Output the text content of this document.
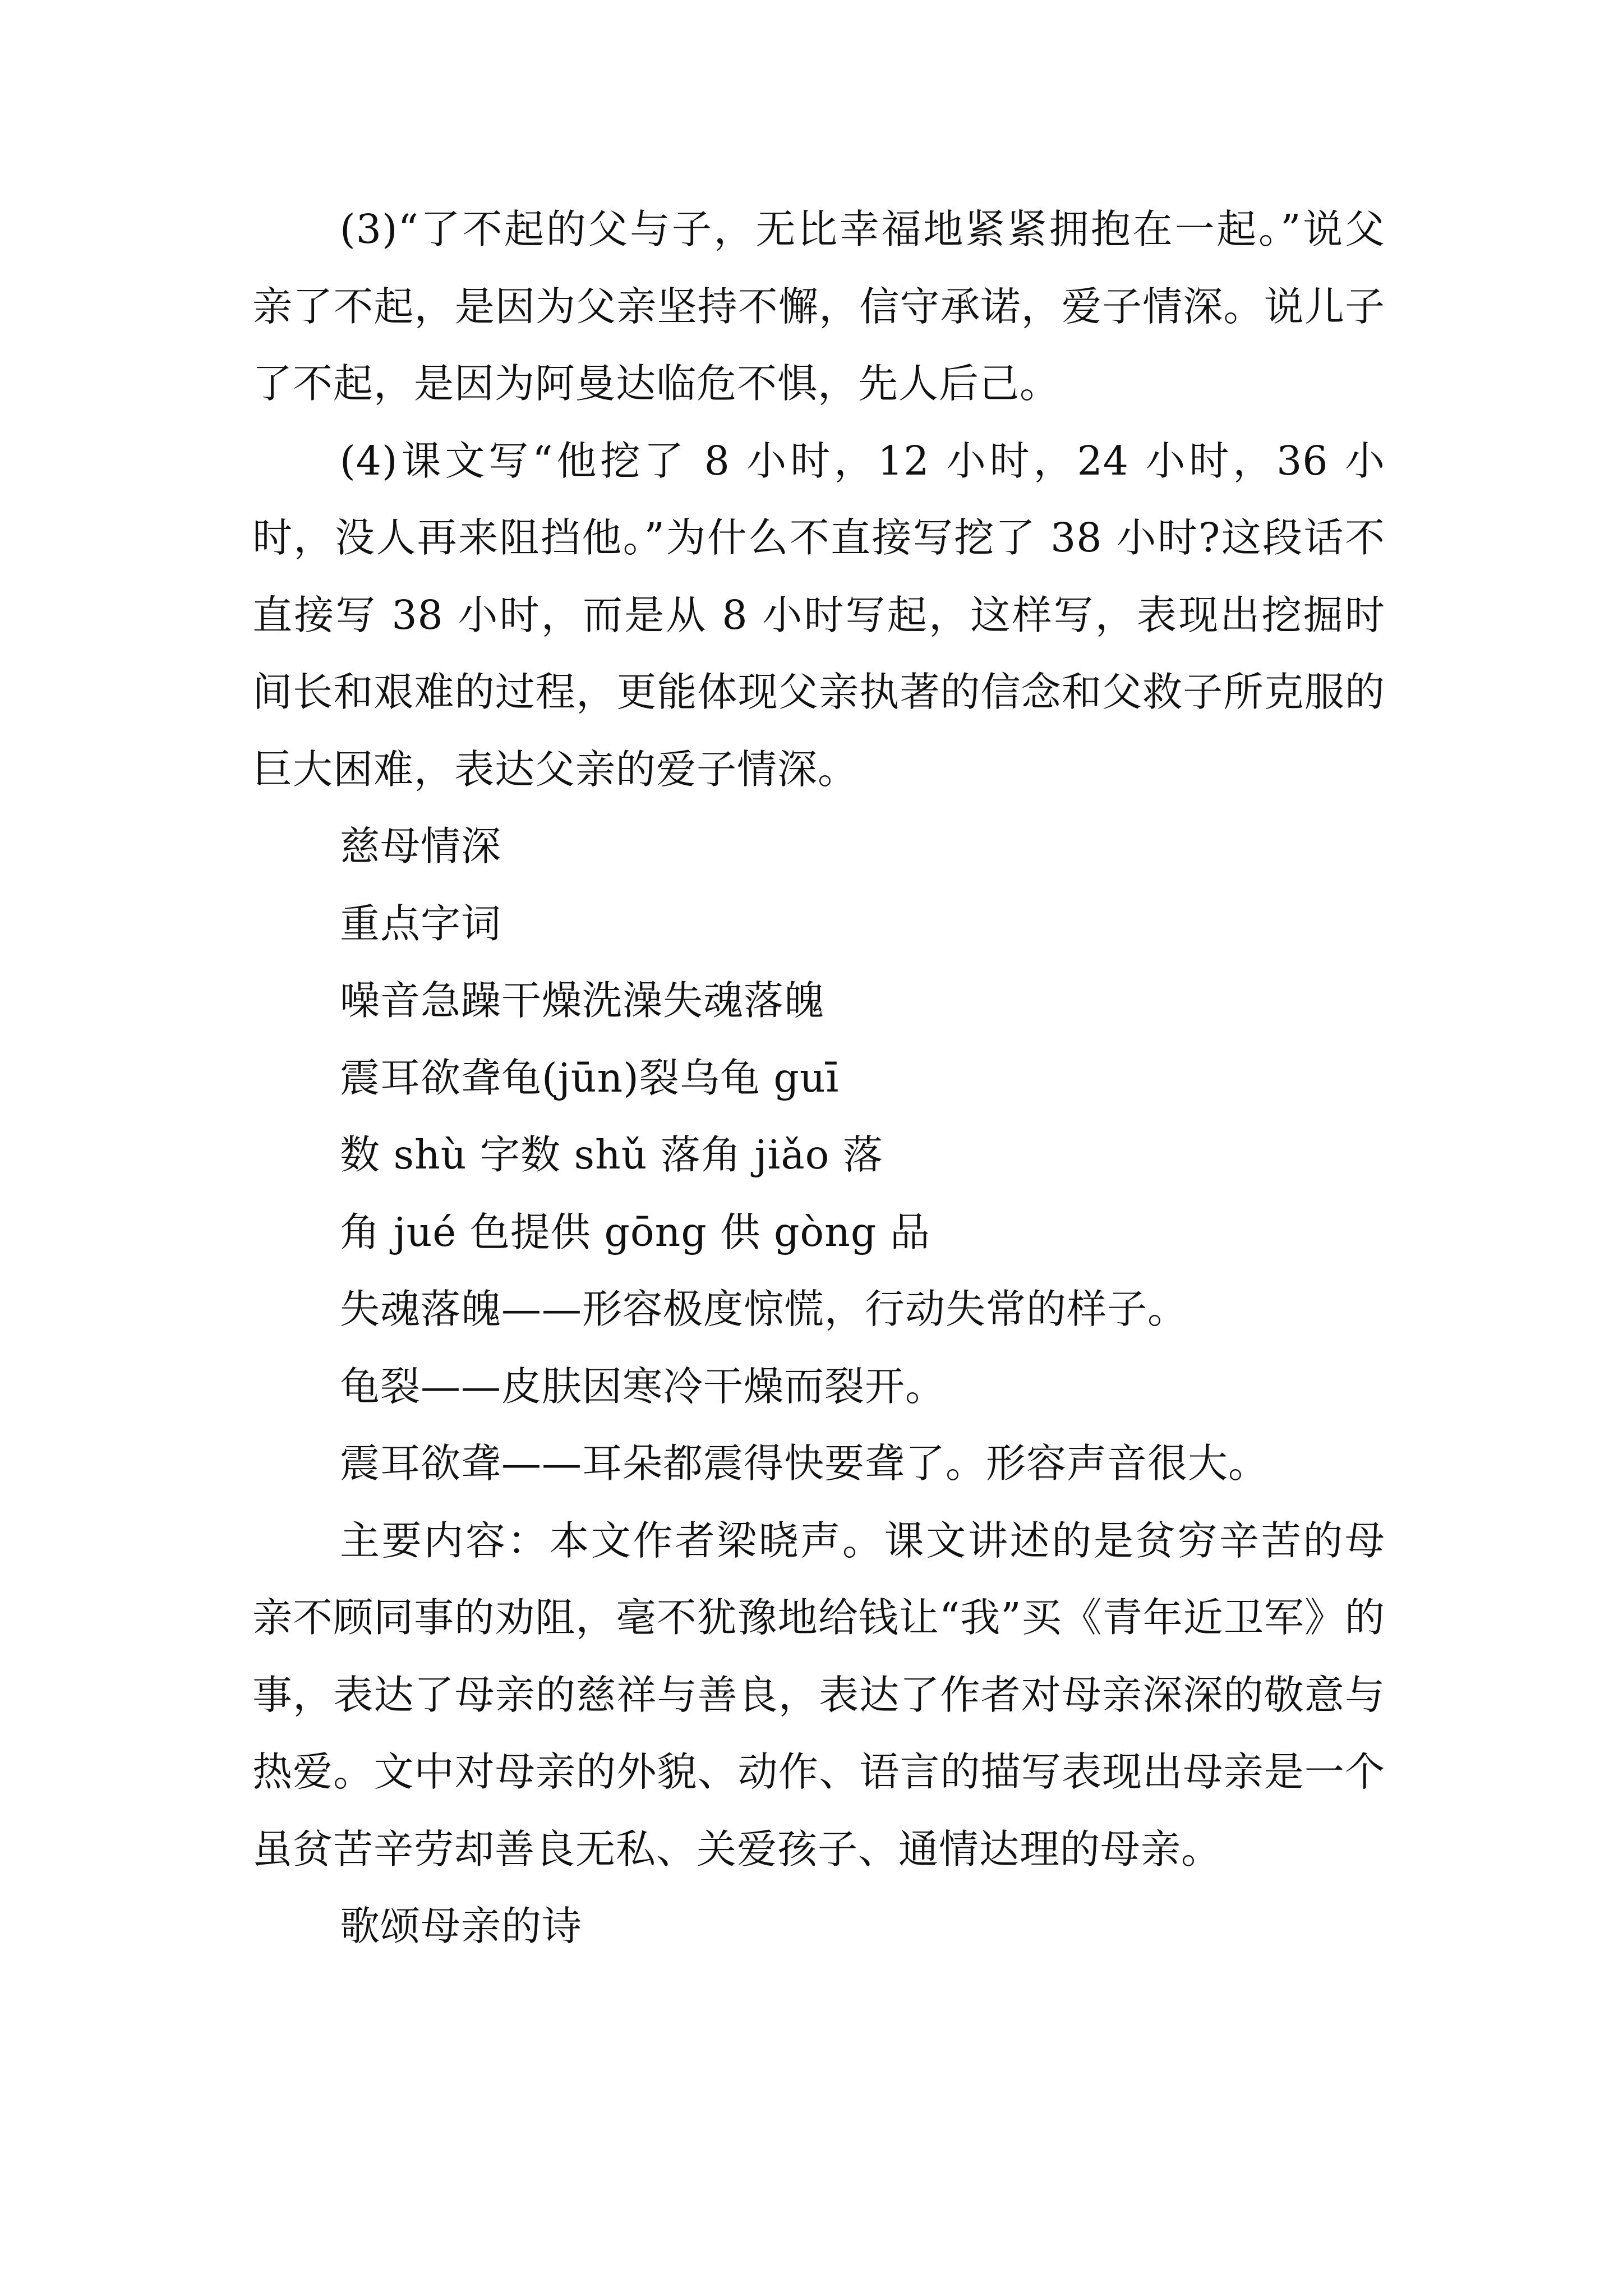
(3)“了不起的父与子，无比幸福地紧紧拥抱在一起。”说父亲了不起，是因为父亲坚持不懈，信守承诺，爱子情深。说儿子了不起，是因为阿曼达临危不惧，先人后己。

(4)课文写“他挖了 8 小时，12 小时，24 小时，36 小时，没人再来阻挡他。”为什么不直接写挖了 38 小时?这段话不直接写 38 小时，而是从 8 小时写起，这样写，表现出挖掘时间长和艰难的过程，更能体现父亲执著的信念和父救子所克服的巨大困难，表达父亲的爱子情深。

慈母情深

重点字词

噪音急躁干燥洗澡失魂落魄

震耳欲聋龟(jūn)裂乌龟 guī

数 shù 字数 shǔ 落角 jiǎo 落

角 jué 色提供 gōng 供 gòng 品

失魂落魄——形容极度惊慌，行动失常的样子。

龟裂——皮肤因寒冷干燥而裂开。

震耳欲聋——耳朵都震得快要聋了。形容声音很大。

主要内容：本文作者梁晓声。课文讲述的是贫穷辛苦的母亲不顾同事的劝阻，毫不犹豫地给钱让“我”买《青年近卫军》的事，表达了母亲的慈祥与善良，表达了作者对母亲深深的敬意与热爱。文中对母亲的外貌、动作、语言的描写表现出母亲是一个虽贫苦辛劳却善良无私、关爱孩子、通情达理的母亲。

歌颂母亲的诗
